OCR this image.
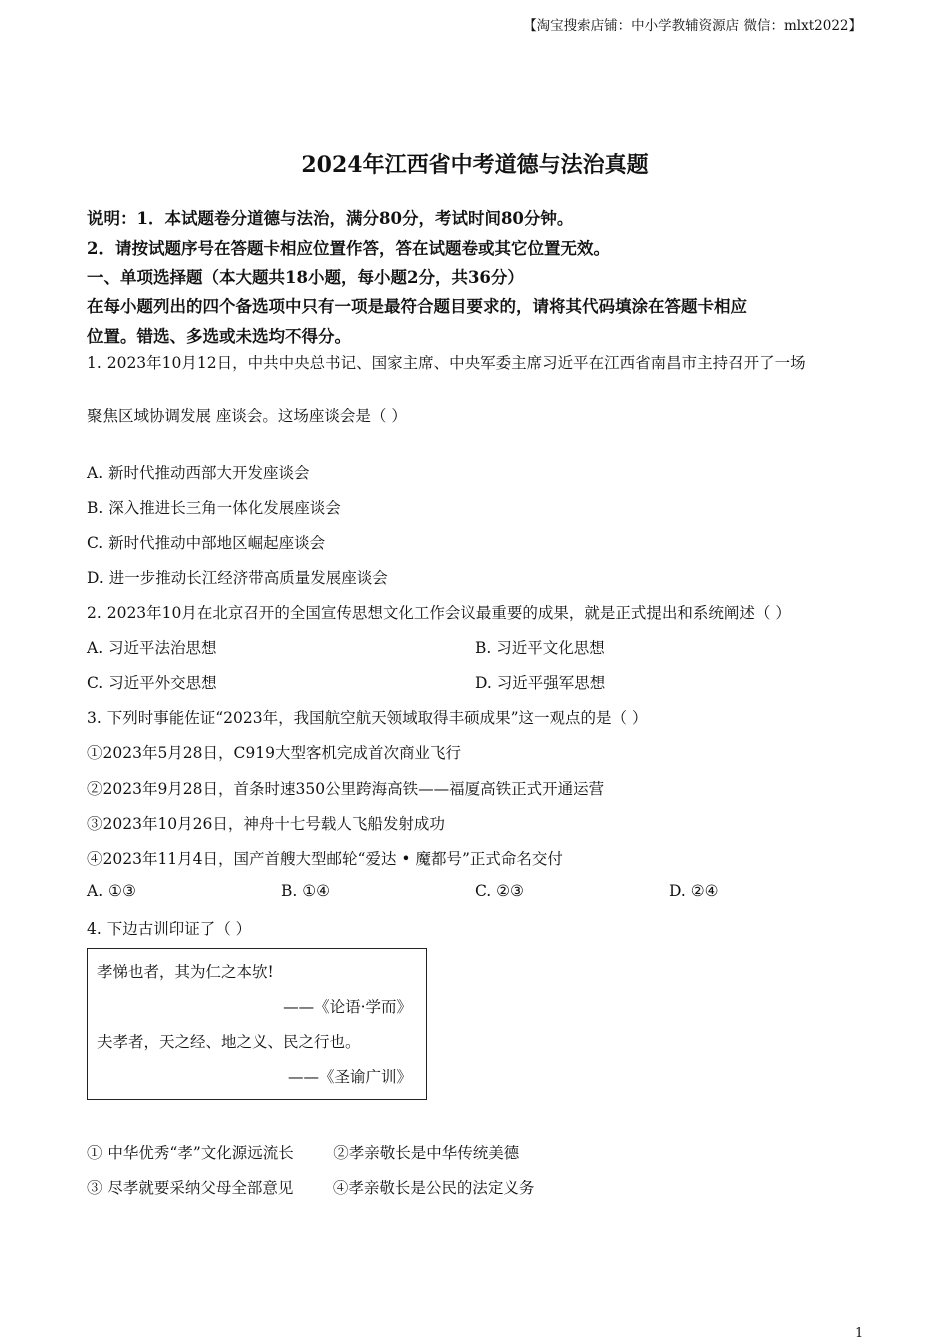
【淘宝搜索店铺：中小学教辅资源店 微信：mlxt2022】
2024年江西省中考道德与法治真题
说明：1．本试题卷分道德与法治，满分80分，考试时间80分钟。
2．请按试题序号在答题卡相应位置作答，答在试题卷或其它位置无效。
一、单项选择题（本大题共18小题，每小题2分，共36分）
在每小题列出的四个备选项中只有一项是最符合题目要求的，请将其代码填涂在答题卡相应
位置。错选、多选或未选均不得分。
1. 2023年10月12日，中共中央总书记、国家主席、中央军委主席习近平在江西省南昌市主持召开了一场
聚焦区域协调发展 座谈会。这场座谈会是（ ）
A. 新时代推动西部大开发座谈会
B. 深入推进长三角一体化发展座谈会
C. 新时代推动中部地区崛起座谈会
D. 进一步推动长江经济带高质量发展座谈会
2. 2023年10月在北京召开的全国宣传思想文化工作会议最重要的成果，就是正式提出和系统阐述（ ）
A. 习近平法治思想	B. 习近平文化思想
C. 习近平外交思想	D. 习近平强军思想
3. 下列时事能佐证“2023年，我国航空航天领域取得丰硕成果”这一观点的是（ ）
①2023年5月28日，C919大型客机完成首次商业飞行
②2023年9月28日，首条时速350公里跨海高铁——福厦高铁正式开通运营
③2023年10月26日，神舟十七号载人飞船发射成功
④2023年11月4日，国产首艘大型邮轮“爱达 • 魔都号”正式命名交付
A. ①③	B. ①④	C. ②③	D. ②④
4. 下边古训印证了（ ）
孝悌也者，其为仁之本欤!
——《论语·学而》
夫孝者，天之经、地之义、民之行也。
——《圣谕广训》
① 中华优秀“孝”文化源远流长        ②孝亲敬长是中华传统美德
③ 尽孝就要采纳父母全部意见        ④孝亲敬长是公民的法定义务
1
